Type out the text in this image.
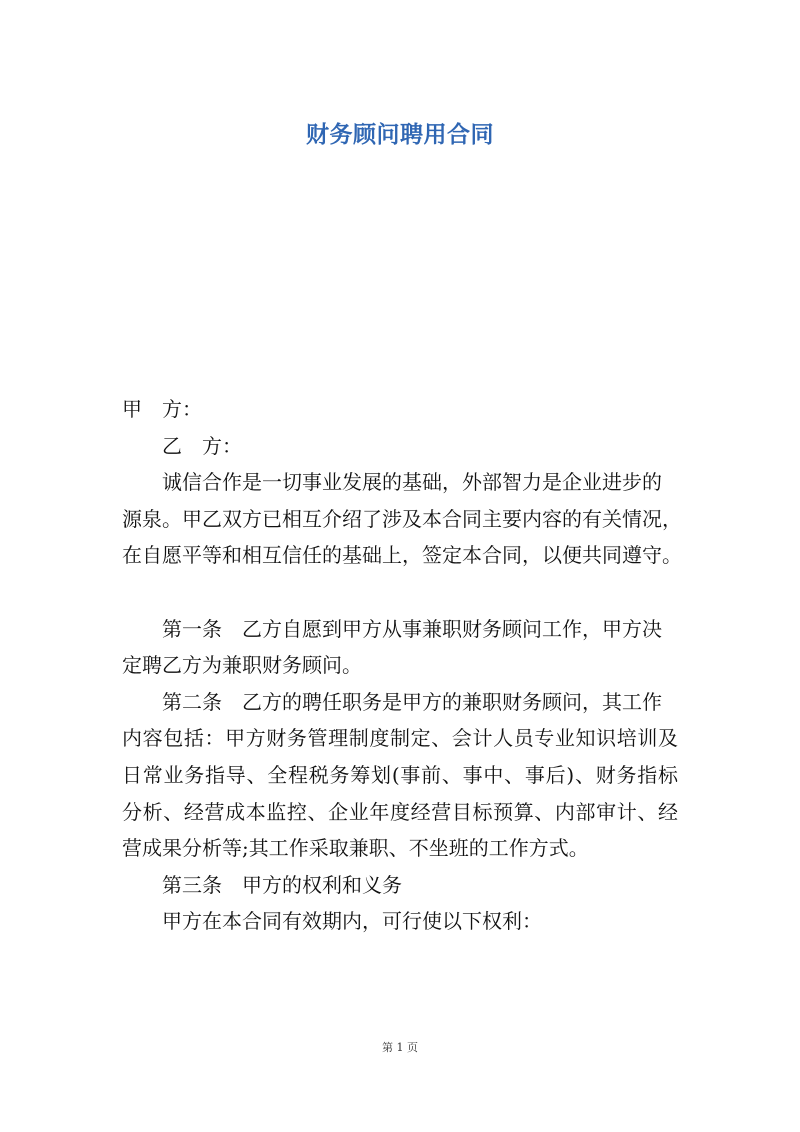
财务顾问聘用合同
甲　方：
乙　方：
诚信合作是一切事业发展的基础，外部智力是企业进步的
源泉。甲乙双方已相互介绍了涉及本合同主要内容的有关情况，
在自愿平等和相互信任的基础上，签定本合同，以便共同遵守。
第一条　乙方自愿到甲方从事兼职财务顾问工作，甲方决
定聘乙方为兼职财务顾问。
第二条　乙方的聘任职务是甲方的兼职财务顾问，其工作
内容包括：甲方财务管理制度制定、会计人员专业知识培训及
日常业务指导、全程税务筹划(事前、事中、事后)、财务指标
分析、经营成本监控、企业年度经营目标预算、内部审计、经
营成果分析等;其工作采取兼职、不坐班的工作方式。
第三条　甲方的权利和义务
甲方在本合同有效期内，可行使以下权利：
第 1 页
